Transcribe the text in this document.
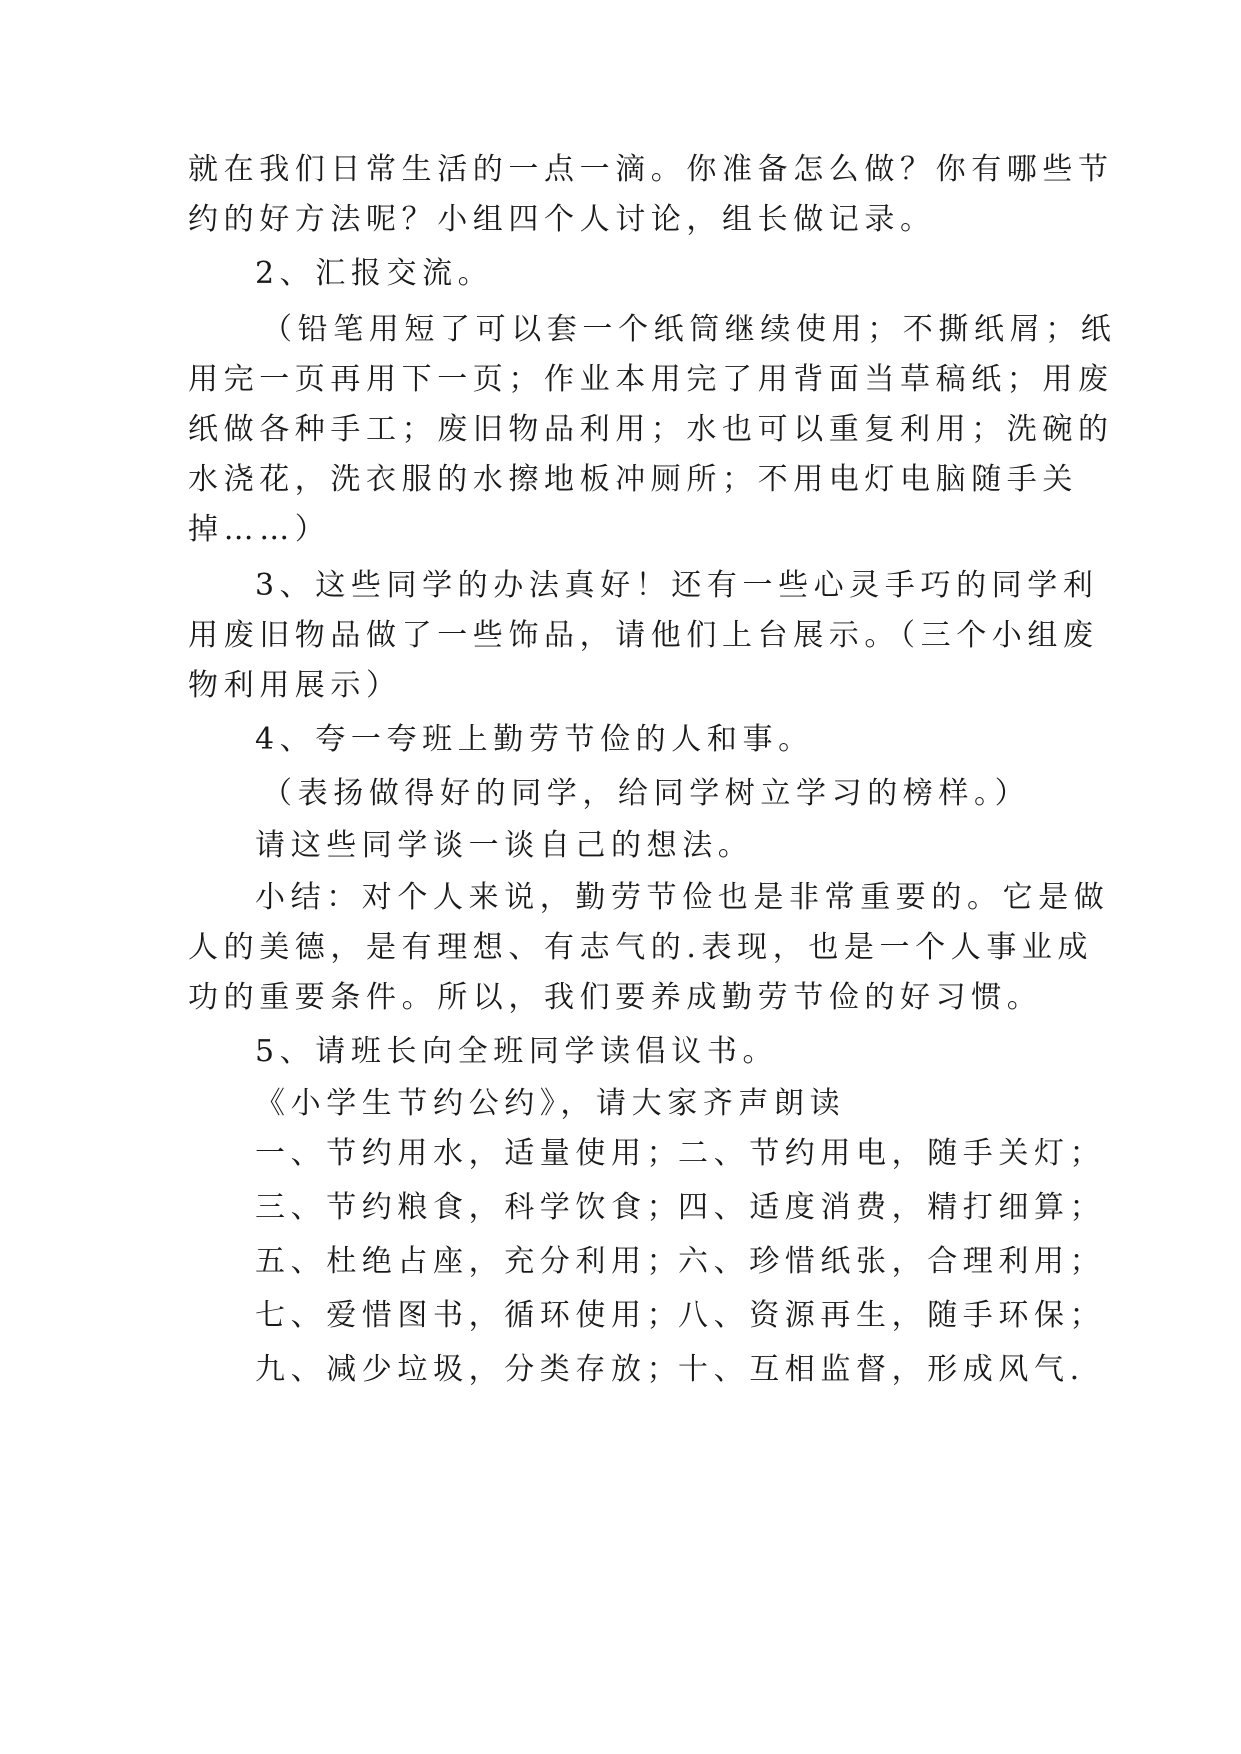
就在我们日常生活的一点一滴。你准备怎么做？你有哪些节
约的好方法呢？小组四个人讨论，组长做记录。
2、汇报交流。
（铅笔用短了可以套一个纸筒继续使用；不撕纸屑；纸
用完一页再用下一页；作业本用完了用背面当草稿纸；用废
纸做各种手工；废旧物品利用；水也可以重复利用；洗碗的
水浇花，洗衣服的水擦地板冲厕所；不用电灯电脑随手关
掉……）
3、这些同学的办法真好！还有一些心灵手巧的同学利
用废旧物品做了一些饰品，请他们上台展示。（三个小组废
物利用展示）
4、夸一夸班上勤劳节俭的人和事。
（表扬做得好的同学，给同学树立学习的榜样。）
请这些同学谈一谈自己的想法。
小结：对个人来说，勤劳节俭也是非常重要的。它是做
人的美德，是有理想、有志气的.表现，也是一个人事业成
功的重要条件。所以，我们要养成勤劳节俭的好习惯。
5、请班长向全班同学读倡议书。
《小学生节约公约》，请大家齐声朗读
一、节约用水，适量使用；
二、节约用电，随手关灯；
三、节约粮食，科学饮食；
四、适度消费，精打细算；
五、杜绝占座，充分利用；
六、珍惜纸张，合理利用；
七、爱惜图书，循环使用；
八、资源再生，随手环保；
九、减少垃圾，分类存放；
十、互相监督，形成风气.
